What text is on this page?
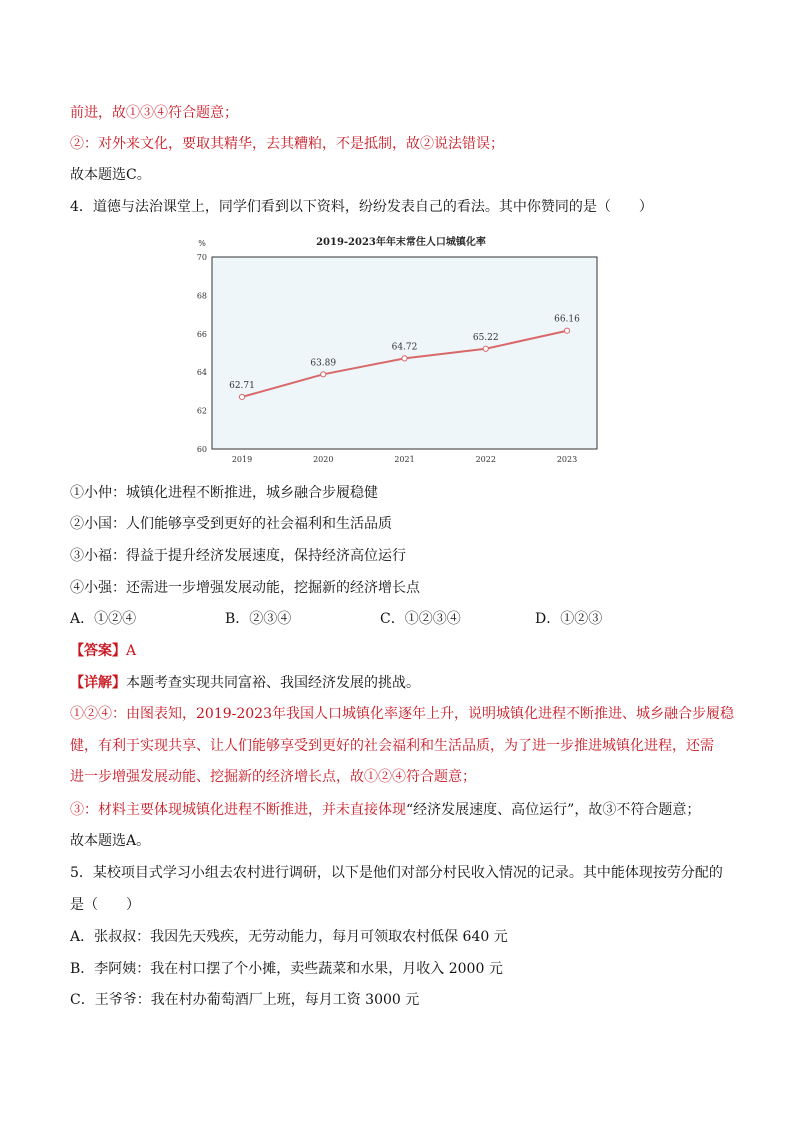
前进，故①③④符合题意；
②：对外来文化，要取其精华，去其糟粕，不是抵制，故②说法错误；
故本题选C。
4．道德与法治课堂上，同学们看到以下资料，纷纷发表自己的看法。其中你赞同的是（　　）
2019-2023年年末常住人口城镇化率
%
60
62
64
66
68
70
2019	2020	2021	2022	2023
62.71
63.89
64.72
65.22
66.16
①小仲：城镇化进程不断推进，城乡融合步履稳健
②小国：人们能够享受到更好的社会福利和生活品质
③小福：得益于提升经济发展速度，保持经济高位运行
④小强：还需进一步增强发展动能，挖掘新的经济增长点
A．①②④	B．②③④	C．①②③④	D．①②③
【答案】A
【详解】本题考查实现共同富裕、我国经济发展的挑战。
①②④：由图表知，2019-2023年我国人口城镇化率逐年上升，说明城镇化进程不断推进、城乡融合步履稳
健，有利于实现共享、让人们能够享受到更好的社会福利和生活品质，为了进一步推进城镇化进程，还需
进一步增强发展动能、挖掘新的经济增长点，故①②④符合题意；
③：材料主要体现城镇化进程不断推进，并未直接体现“经济发展速度、高位运行”，故③不符合题意；
故本题选A。
5．某校项目式学习小组去农村进行调研，以下是他们对部分村民收入情况的记录。其中能体现按劳分配的
是（　　）
A．张叔叔：我因先天残疾，无劳动能力，每月可领取农村低保 640 元
B．李阿姨：我在村口摆了个小摊，卖些蔬菜和水果，月收入 2000 元
C．王爷爷：我在村办葡萄酒厂上班，每月工资 3000 元
